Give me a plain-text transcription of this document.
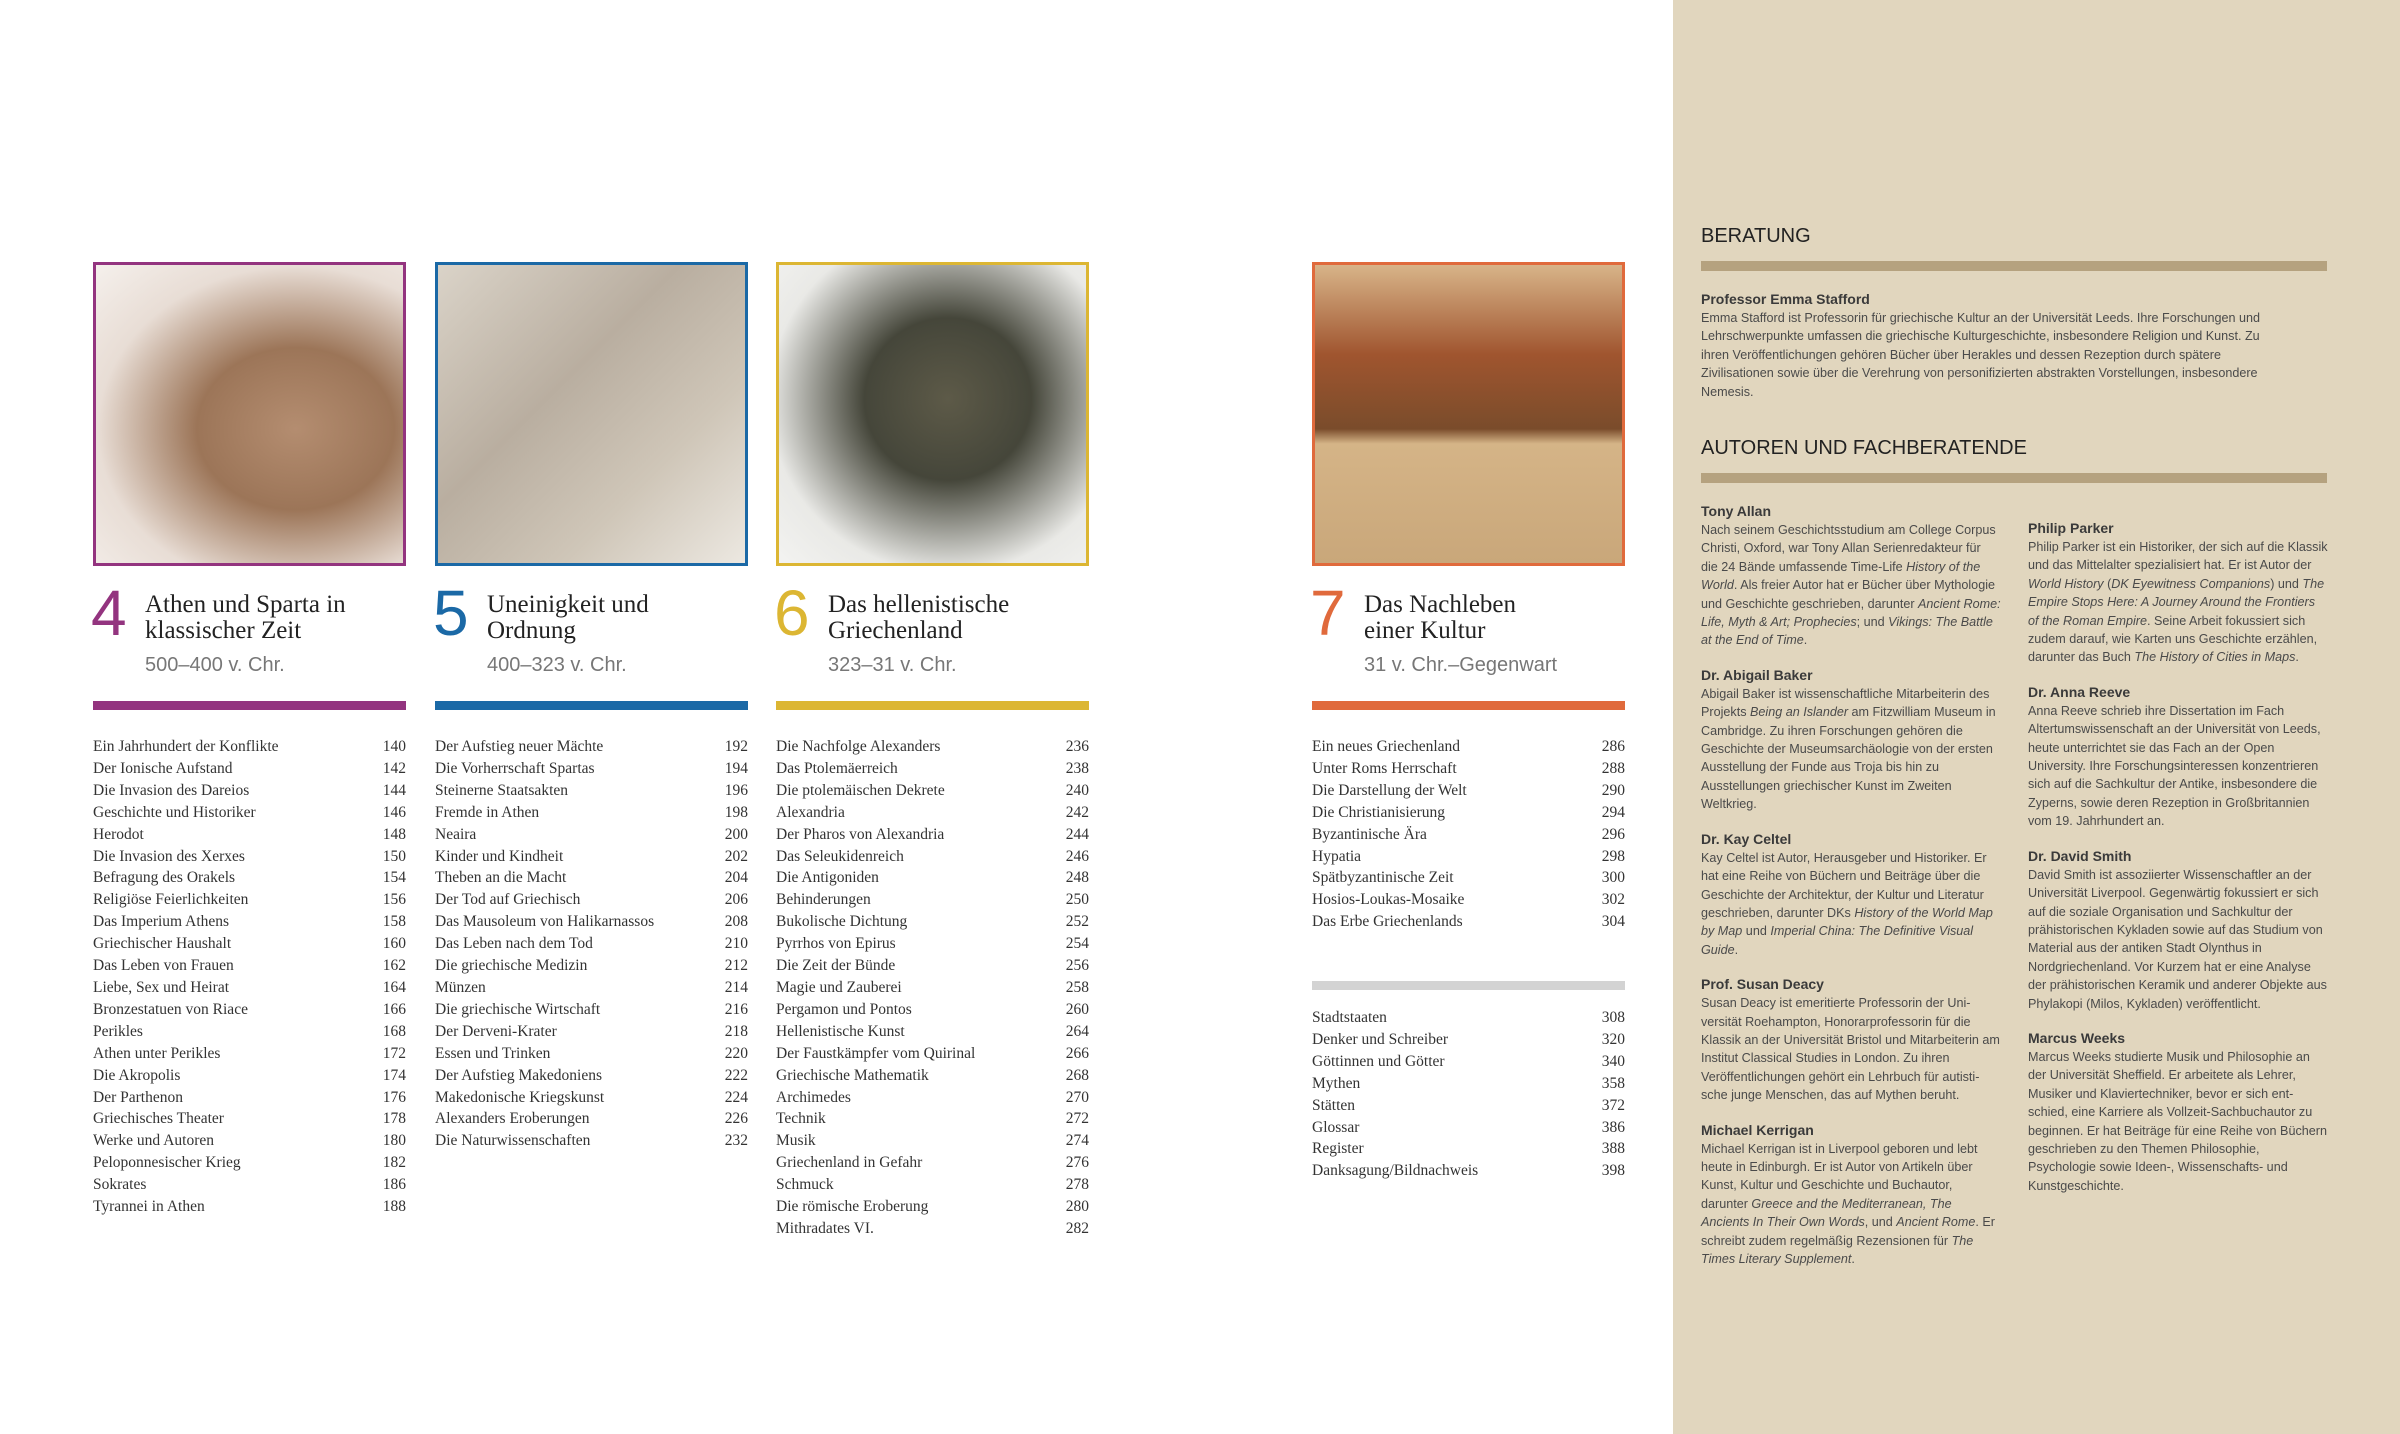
4 Athen und Sparta in
klassischer Zeit
500–400 v. Chr.
Ein Jahrhundert der Konflikte	140
Der Ionische Aufstand	142
Die Invasion des Dareios	144
Geschichte und Historiker	146
Herodot	148
Die Invasion des Xerxes	150
Befragung des Orakels	154
Religiöse Feierlichkeiten	156
Das Imperium Athens	158
Griechischer Haushalt	160
Das Leben von Frauen	162
Liebe, Sex und Heirat	164
Bronzestatuen von Riace	166
Perikles	168
Athen unter Perikles	172
Die Akropolis	174
Der Parthenon	176
Griechisches Theater	178
Werke und Autoren	180
Peloponnesischer Krieg	182
Sokrates	186
Tyrannei in Athen	188
5 Uneinigkeit und
Ordnung
400–323 v. Chr.
Der Aufstieg neuer Mächte	192
Die Vorherrschaft Spartas	194
Steinerne Staatsakten	196
Fremde in Athen	198
Neaira	200
Kinder und Kindheit	202
Theben an die Macht	204
Der Tod auf Griechisch	206
Das Mausoleum von Halikarnassos	208
Das Leben nach dem Tod	210
Die griechische Medizin	212
Münzen	214
Die griechische Wirtschaft	216
Der Derveni-Krater	218
Essen und Trinken	220
Der Aufstieg Makedoniens	222
Makedonische Kriegskunst	224
Alexanders Eroberungen	226
Die Naturwissenschaften	232
6 Das hellenistische
Griechenland
323–31 v. Chr.
Die Nachfolge Alexanders	236
Das Ptolemäerreich	238
Die ptolemäischen Dekrete	240
Alexandria	242
Der Pharos von Alexandria	244
Das Seleukidenreich	246
Die Antigoniden	248
Behinderungen	250
Bukolische Dichtung	252
Pyrrhos von Epirus	254
Die Zeit der Bünde	256
Magie und Zauberei	258
Pergamon und Pontos	260
Hellenistische Kunst	264
Der Faustkämpfer vom Quirinal	266
Griechische Mathematik	268
Archimedes	270
Technik	272
Musik	274
Griechenland in Gefahr	276
Schmuck	278
Die römische Eroberung	280
Mithradates VI.	282
7 Das Nachleben
einer Kultur
31 v. Chr.–Gegenwart
Ein neues Griechenland	286
Unter Roms Herrschaft	288
Die Darstellung der Welt	290
Die Christianisierung	294
Byzantinische Ära	296
Hypatia	298
Spätbyzantinische Zeit	300
Hosios-Loukas-Mosaike	302
Das Erbe Griechenlands	304
Stadtstaaten	308
Denker und Schreiber	320
Göttinnen und Götter	340
Mythen	358
Stätten	372
Glossar	386
Register	388
Danksagung/Bildnachweis	398
BERATUNG
Professor Emma Stafford
Emma Stafford ist Professorin für griechische Kultur an der Universität Leeds. Ihre Forschungen und Lehrschwerpunkte umfassen die griechische Kulturgeschichte, insbesondere Religion und Kunst. Zu ihren Veröffentlichungen gehören Bücher über Herakles und dessen Rezeption durch spätere Zivilisationen sowie über die Verehrung von personifizierten abstrakten Vorstellungen, insbesondere Nemesis.
AUTOREN UND FACHBERATENDE
Tony Allan
Nach seinem Geschichtsstudium am College Corpus Christi, Oxford, war Tony Allan Serienredakteur für die 24 Bände umfassende Time-Life History of the World. Als freier Autor hat er Bücher über Mythologie und Geschichte geschrieben, darunter Ancient Rome: Life, Myth & Art; Prophecies; und Vikings: The Battle at the End of Time.
Dr. Abigail Baker
Abigail Baker ist wissenschaftliche Mitarbeiterin des Projekts Being an Islander am Fitzwilliam Museum in Cambridge. Zu ihren Forschungen gehören die Geschichte der Museumsarchäologie von der ersten Ausstellung der Funde aus Troja bis hin zu Ausstellungen griechischer Kunst im Zweiten Weltkrieg.
Dr. Kay Celtel
Kay Celtel ist Autor, Herausgeber und Historiker. Er hat eine Reihe von Büchern und Beiträge über die Geschichte der Architektur, der Kultur und Literatur geschrieben, darunter DKs History of the World Map by Map und Imperial China: The Definitive Visual Guide.
Prof. Susan Deacy
Susan Deacy ist emeritierte Professorin der Universität Roehampton, Honorarprofessorin für die Klassik an der Universität Bristol und Mitarbeiterin am Institut Classical Studies in London. Zu ihren Veröffentlichungen gehört ein Lehrbuch für autistische junge Menschen, das auf Mythen beruht.
Michael Kerrigan
Michael Kerrigan ist in Liverpool geboren und lebt heute in Edinburgh. Er ist Autor von Artikeln über Kunst, Kultur und Geschichte und Buchautor, darunter Greece and the Mediterranean, The Ancients In Their Own Words, und Ancient Rome. Er schreibt zudem regelmäßig Rezensionen für The Times Literary Supplement.
Philip Parker
Philip Parker ist ein Historiker, der sich auf die Klassik und das Mittelalter spezialisiert hat. Er ist Autor der World History (DK Eyewitness Companions) und The Empire Stops Here: A Journey Around the Frontiers of the Roman Empire. Seine Arbeit fokussiert sich zudem darauf, wie Karten uns Geschichte erzählen, darunter das Buch The History of Cities in Maps.
Dr. Anna Reeve
Anna Reeve schrieb ihre Dissertation im Fach Altertumswissenschaft an der Universität von Leeds, heute unterrichtet sie das Fach an der Open University. Ihre Forschungsinteressen konzentrieren sich auf die Sachkultur der Antike, insbesondere die Zyperns, sowie deren Rezeption in Großbritannien vom 19. Jahrhundert an.
Dr. David Smith
David Smith ist assoziierter Wissenschaftler an der Universität Liverpool. Gegenwärtig fokussiert er sich auf die soziale Organisation und Sachkultur der prähistorischen Kykladen sowie auf das Studium von Material aus der antiken Stadt Olynthus in Nordgriechenland. Vor Kurzem hat er eine Analyse der prähistorischen Keramik und anderer Objekte aus Phylakopi (Milos, Kykladen) veröffentlicht.
Marcus Weeks
Marcus Weeks studierte Musik und Philosophie an der Universität Sheffield. Er arbeitete als Lehrer, Musiker und Klaviertechniker, bevor er sich entschied, eine Karriere als Vollzeit-Sachbuchautor zu beginnen. Er hat Beiträge für eine Reihe von Büchern geschrieben zu den Themen Philosophie, Psychologie sowie Ideen-, Wissenschafts- und Kunstgeschichte.
